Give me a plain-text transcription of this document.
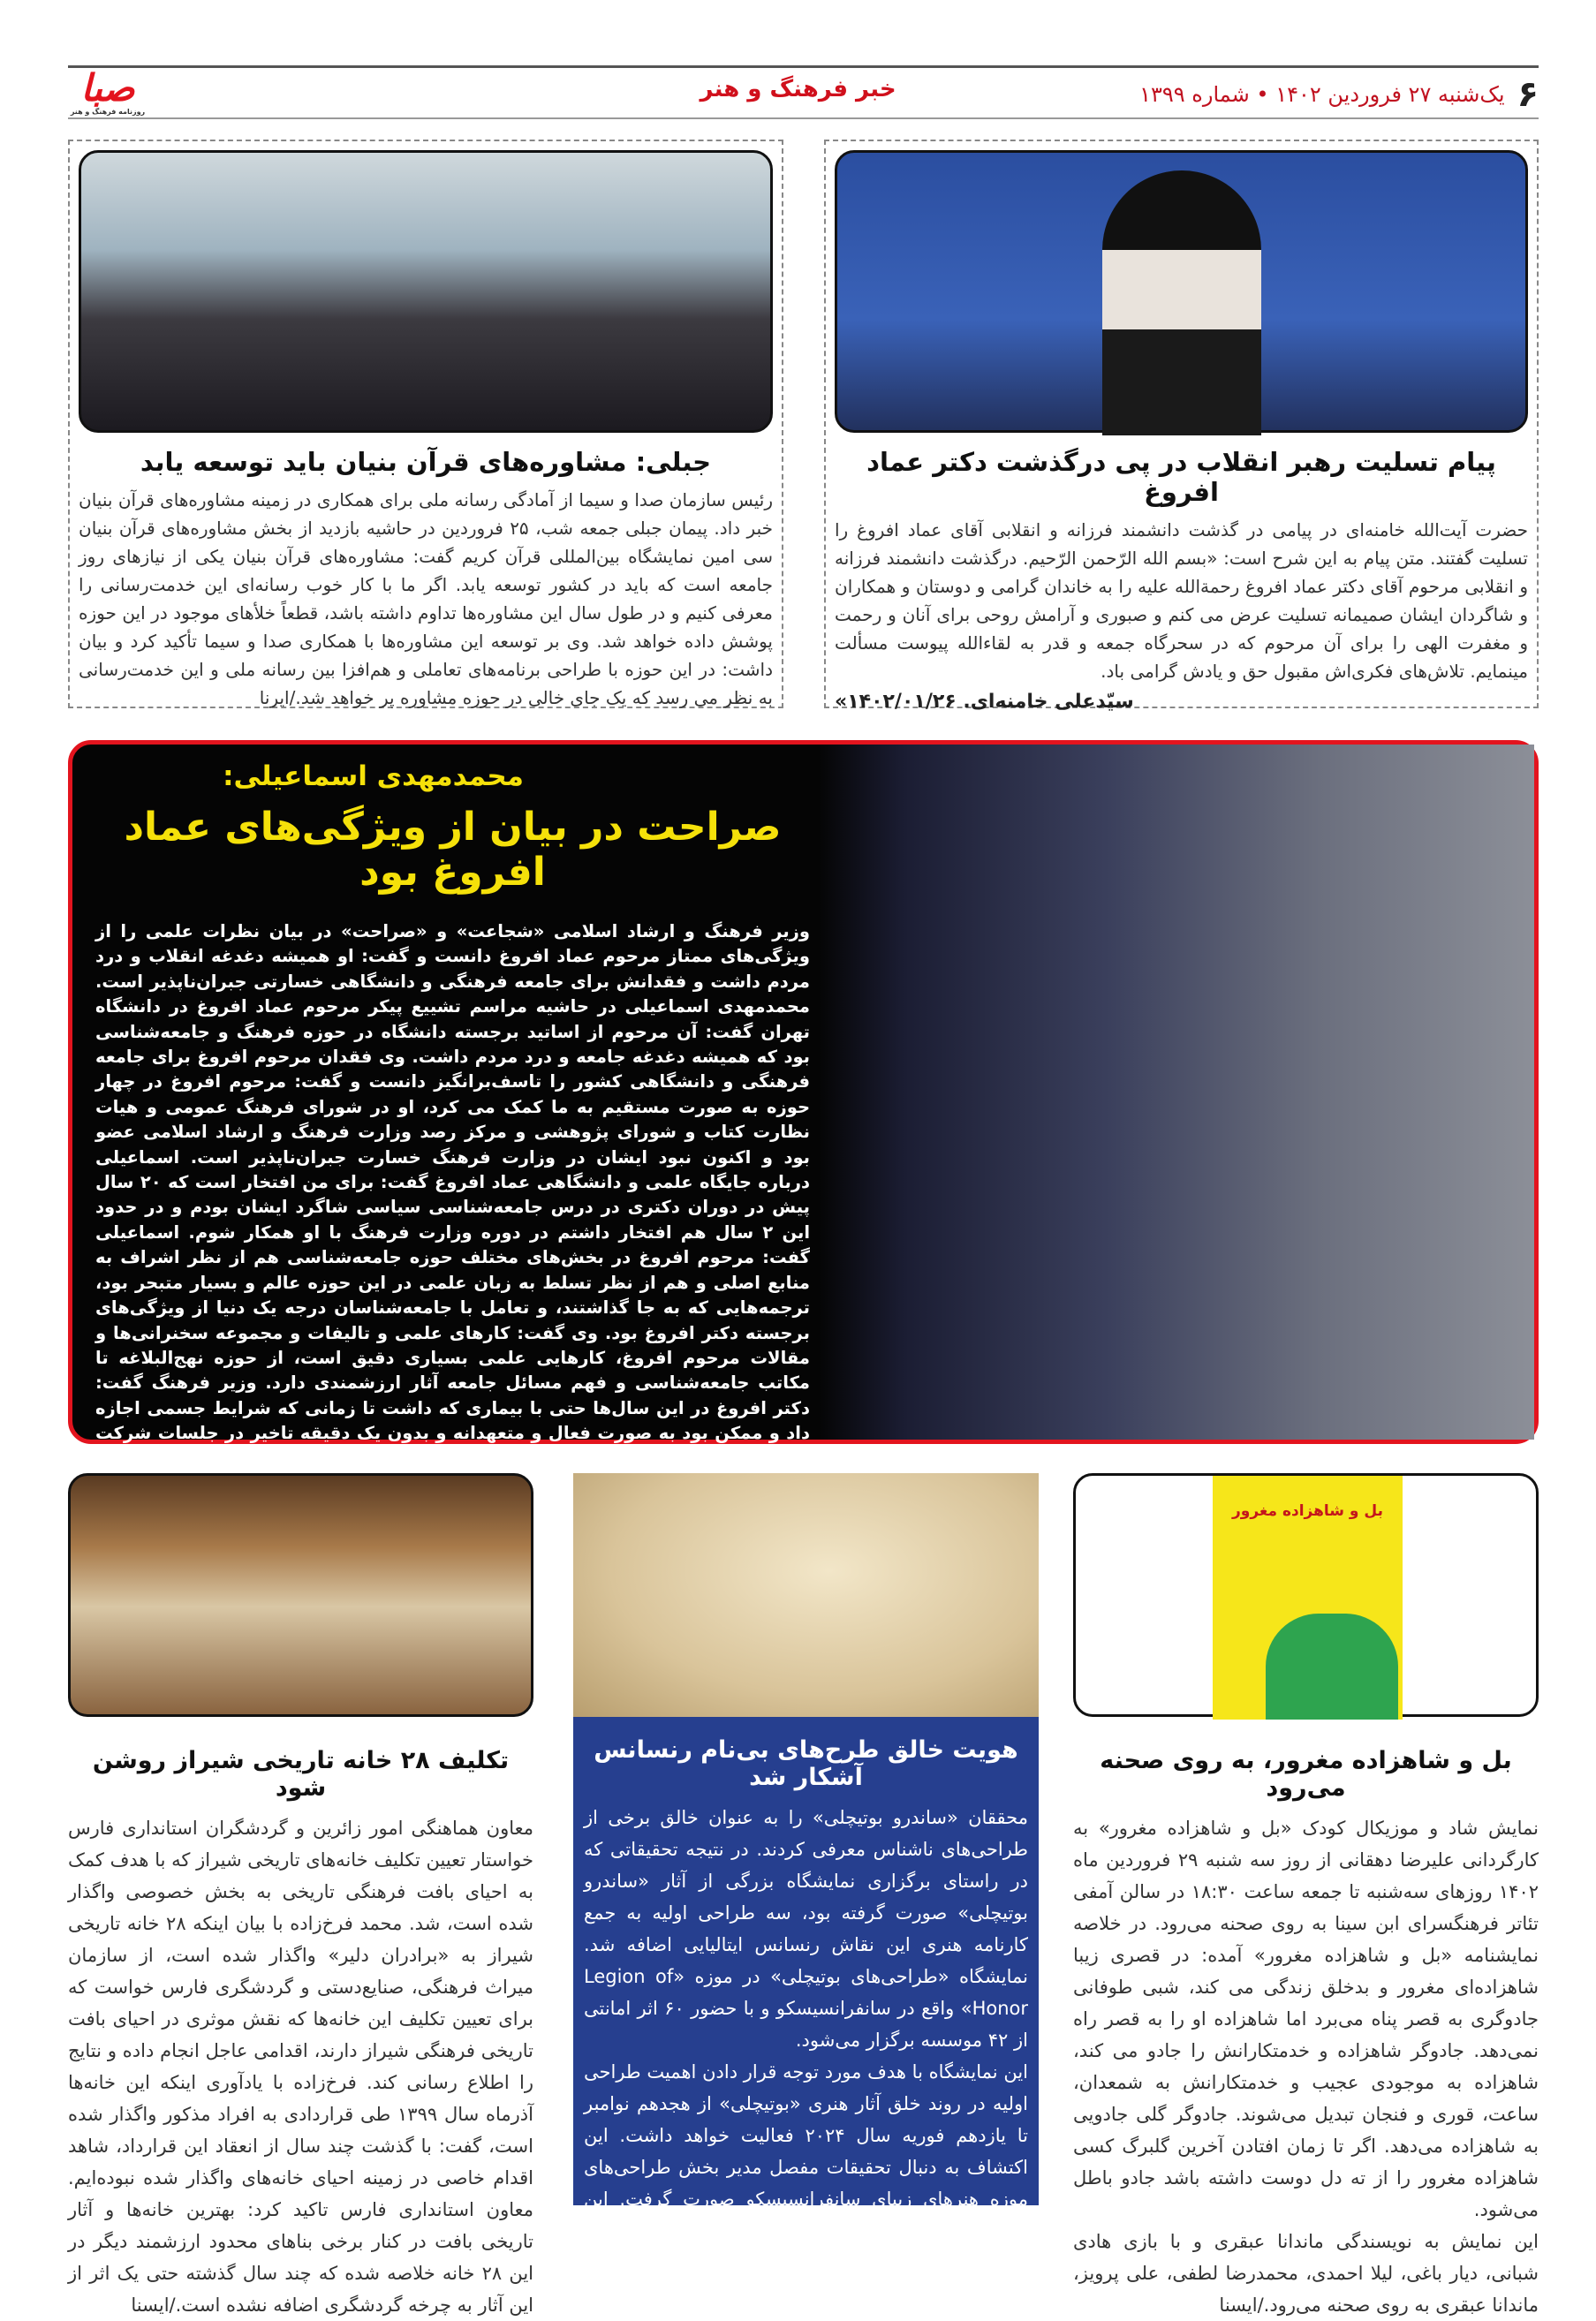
۶
یک‌شنبه ۲۷ فروردین ۱۴۰۲ • شماره ۱۳۹۹
خبر فرهنگ و هنر
صبا
روزنامه فرهنگ و هنر
پیام تسلیت رهبر انقلاب در پی درگذشت دکتر عماد افروغ
حضرت آیت‌الله خامنه‌ای در پیامی در گذشت دانشمند فرزانه و انقلابی آقای عماد افروغ را تسلیت گفتند. متن پیام به این شرح است: «بسم الله الرّحمن الرّحیم. درگذشت دانشمند فرزانه و انقلابی مرحوم آقای دکتر عماد افروغ رحمةالله علیه را به خاندان گرامی و دوستان و همکاران و شاگردان ایشان صمیمانه تسلیت عرض می کنم و صبوری و آرامش روحی برای آنان و رحمت و مغفرت الهی را برای آن مرحوم که در سحرگاه جمعه و قدر به لقاءالله پیوست مسألت مینمایم. تلاش‌های فکری‌اش مقبول حق و یادش گرامی باد.
سیّدعلی خامنه‌ای. ۱۴۰۲/۰۱/۲۶»
جبلی: مشاوره‌های قرآن بنیان باید توسعه یابد
رئیس سازمان صدا و سیما از آمادگی رسانه ملی برای همکاری در زمینه مشاوره‌های قرآن بنیان خبر داد. پیمان جبلی جمعه شب، ۲۵ فروردین در حاشیه بازدید از بخش مشاوره‌های قرآن بنیان سی امین نمایشگاه بین‌المللی قرآن کریم گفت: مشاوره‌های قرآن بنیان یکی از نیازهای روز جامعه است که باید در کشور توسعه یابد. اگر ما با کار خوب رسانه‌ای این خدمت‌رسانی را معرفی کنیم و در طول سال این مشاوره‌ها تداوم داشته باشد، قطعاً خلأهای موجود در این حوزه پوشش داده خواهد شد. وی بر توسعه این مشاوره‌ها با همکاری صدا و سیما تأکید کرد و بیان داشت: در این حوزه با طراحی برنامه‌های تعاملی و هم‌افزا بین رسانه ملی و این خدمت‌رسانی به نظر می رسد که یک جای خالی در حوزه مشاوره پر خواهد شد./ایرنا
محمدمهدی اسماعیلی:
صراحت در بیان از ویژگی‌های عماد افروغ بود
وزیر فرهنگ و ارشاد اسلامی «شجاعت» و «صراحت» در بیان نظرات علمی را از ویژگی‌های ممتاز مرحوم عماد افروغ دانست و گفت: او همیشه دغدغه انقلاب و درد مردم داشت و فقدانش برای جامعه فرهنگی و دانشگاهی خسارتی جبران‌ناپذیر است. محمدمهدی اسماعیلی در حاشیه مراسم تشییع پیکر مرحوم عماد افروغ در دانشگاه تهران گفت: آن مرحوم از اساتید برجسته دانشگاه در حوزه فرهنگ و جامعه‌شناسی بود که همیشه دغدغه جامعه و درد مردم داشت. وی فقدان مرحوم افروغ برای جامعه فرهنگی و دانشگاهی کشور را تاسف‌برانگیز دانست و گفت: مرحوم افروغ در چهار حوزه به صورت مستقیم به ما کمک می کرد، او در شورای فرهنگ عمومی و هیات نظارت کتاب و شورای پژوهشی و مرکز رصد وزارت فرهنگ و ارشاد اسلامی عضو بود و اکنون نبود ایشان در وزارت فرهنگ خسارت جبران‌ناپذیر است. اسماعیلی درباره جایگاه علمی و دانشگاهی عماد افروغ گفت: برای من افتخار است که ۲۰ سال پیش در دوران دکتری در درس جامعه‌شناسی سیاسی شاگرد ایشان بودم و در حدود این ۲ سال هم افتخار داشتم در دوره وزارت فرهنگ با او همکار شوم. اسماعیلی گفت: مرحوم افروغ در بخش‌های مختلف حوزه جامعه‌شناسی هم از نظر اشراف به منابع اصلی و هم از نظر تسلط به زبان علمی در این حوزه عالم و بسیار متبحر بود، ترجمه‌هایی که به جا گذاشتند، و تعامل با جامعه‌شناسان درجه یک دنیا از ویژگی‌های برجسته دکتر افروغ بود. وی گفت: کارهای علمی و تالیفات و مجموعه سخنرانی‌ها و مقالات مرحوم افروغ، کارهایی علمی بسیاری دقیق است، از حوزه نهج‌البلاغه تا مکاتب جامعه‌شناسی و فهم مسائل جامعه آثار ارزشمندی دارد. وزیر فرهنگ گفت: دکتر افروغ در این سال‌ها حتی با بیماری که داشت تا زمانی که شرایط جسمی اجازه داد و ممکن بود به صورت فعال و متعهدانه و بدون یک دقیقه تاخیر در جلسات شرکت می کرد و همیشه بدون مسامحه و با شجاعت و صراحت حرف‌های علمی خود را بیان
بل و شاهزاده مغرور
بل و شاهزاده مغرور، به روی صحنه می‌رود
نمایش شاد و موزیکال کودک «بل و شاهزاده مغرور» به کارگردانی علیرضا دهقانی از روز سه شنبه ۲۹ فروردین ماه ۱۴۰۲ روزهای سه‌شنبه تا جمعه ساعت ۱۸:۳۰ در سالن آمفی تئاتر فرهنگسرای ابن سینا به روی صحنه می‌رود. در خلاصه نمایشنامه «بل و شاهزاده مغرور» آمده: در قصری زیبا شاهزاده‌ای مغرور و بدخلق زندگی می کند، شبی طوفانی جادوگری به قصر پناه می‌برد اما شاهزاده او را به قصر راه نمی‌دهد. جادوگر شاهزاده و خدمتکارانش را جادو می کند، شاهزاده به موجودی عجیب و خدمتکارانش به شمعدان، ساعت، قوری و فنجان تبدیل می‌شوند. جادوگر گلی جادویی به شاهزاده می‌دهد. اگر تا زمان افتادن آخرین گلبرگ کسی شاهزاده مغرور را از ته دل دوست داشته باشد جادو باطل می‌شود.
این نمایش به نویسندگی ماندانا عبقری و با بازی هادی شبانی، دیار باغی، لیلا احمدی، محمدرضا لطفی، علی پرویز، ماندانا عبقری به روی صحنه می‌رود./ایسنا
هویت خالق طرح‌های بی‌نام رنسانس آشکار شد
محققان «ساندرو بوتیچلی» را به عنوان خالق برخی از طراحی‌های ناشناس معرفی کردند. در نتیجه تحقیقاتی که در راستای برگزاری نمایشگاه بزرگی از آثار «ساندرو بوتیچلی» صورت گرفته بود، سه طراحی اولیه به جمع کارنامه هنری این نقاش رنسانس ایتالیایی اضافه شد. نمایشگاه «طراحی‌های بوتیچلی» در موزه «Legion of Honor» واقع در سانفرانسیسکو و با حضور ۶۰ اثر امانتی از ۴۲ موسسه برگزار می‌شود.
این نمایشگاه با هدف مورد توجه قرار دادن اهمیت طراحی اولیه در روند خلق آثار هنری «بوتیچلی» از هجدهم نوامبر تا یازدهم فوریه سال ۲۰۲۴ فعالیت خواهد داشت. این اکتشاف به دنبال تحقیقات مفصل مدیر بخش طراحی‌های موزه هنرهای زیبای سانفرانسیسکو صورت گرفت. این طراحی‌ها به نقاشی‌های «بشارت»، «نیایش مغان»، «مریم مقدس و کودک» و «یحیی در جوانی» مرتبط هستند./ایسنا
تکلیف ۲۸ خانه تاریخی شیراز روشن شود
معاون هماهنگی امور زائرین و گردشگران استانداری فارس خواستار تعیین تکلیف خانه‌های تاریخی شیراز که با هدف کمک به احیای بافت فرهنگی تاریخی به بخش خصوصی واگذار شده است، شد. محمد فرخ‌زاده با بیان اینکه ۲۸ خانه تاریخی شیراز به «برادران دلیر» واگذار شده است، از سازمان میراث فرهنگی، صنایع‌دستی و گردشگری فارس خواست که برای تعیین تکلیف این خانه‌ها که نقش موثری در احیای بافت تاریخی فرهنگی شیراز دارند، اقدامی عاجل انجام داده و نتایج را اطلاع رسانی کند. فرخ‌زاده با یادآوری اینکه این خانه‌ها آذرماه سال ۱۳۹۹ طی قراردادی به افراد مذکور واگذار شده است، گفت: با گذشت چند سال از انعقاد این قرارداد، شاهد اقدام خاصی در زمینه احیای خانه‌های واگذار شده نبوده‌ایم. معاون استانداری فارس تاکید کرد: بهترین خانه‌ها و آثار تاریخی بافت در کنار برخی بناهای محدود ارزشمند دیگر در این ۲۸ خانه خلاصه شده که چند سال گذشته حتی یک اثر از این آثار به چرخه گردشگری اضافه نشده است./ایسنا
